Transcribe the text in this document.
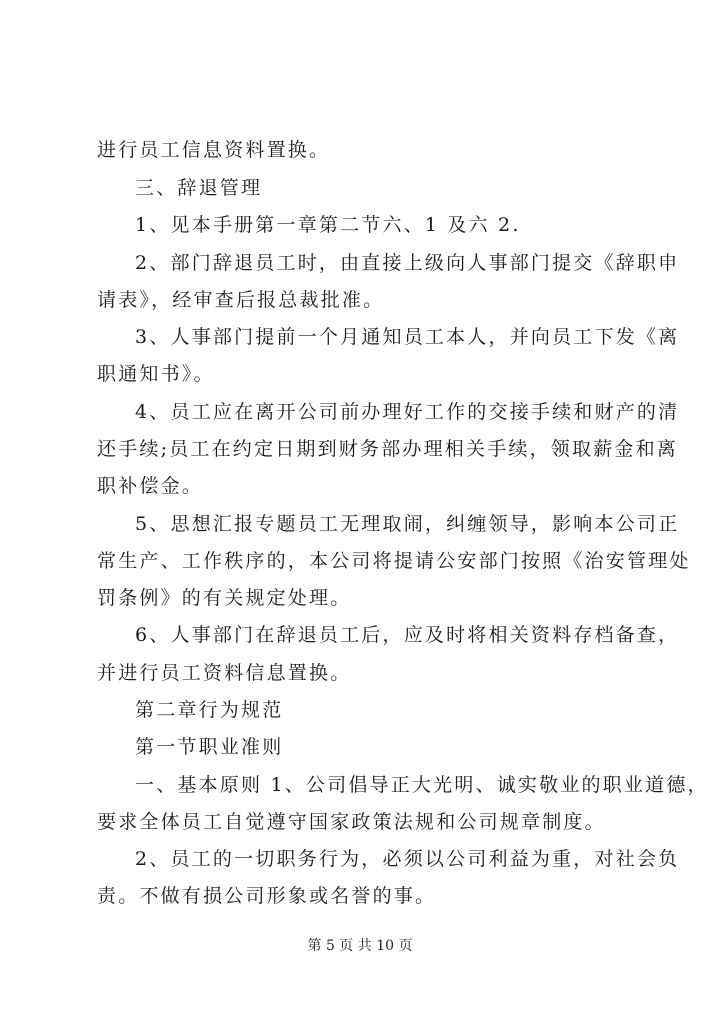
进行员工信息资料置换。
三、辞退管理
1、见本手册第一章第二节六、1 及六 2.
2、部门辞退员工时，由直接上级向人事部门提交《辞职申
请表》，经审查后报总裁批准。
3、人事部门提前一个月通知员工本人，并向员工下发《离
职通知书》。
4、员工应在离开公司前办理好工作的交接手续和财产的清
还手续;员工在约定日期到财务部办理相关手续，领取薪金和离
职补偿金。
5、思想汇报专题员工无理取闹，纠缠领导，影响本公司正
常生产、工作秩序的，本公司将提请公安部门按照《治安管理处
罚条例》的有关规定处理。
6、人事部门在辞退员工后，应及时将相关资料存档备查，
并进行员工资料信息置换。
第二章行为规范
第一节职业准则
一、基本原则 1、公司倡导正大光明、诚实敬业的职业道德，
要求全体员工自觉遵守国家政策法规和公司规章制度。
2、员工的一切职务行为，必须以公司利益为重，对社会负
责。不做有损公司形象或名誉的事。
第 5 页 共 10 页
